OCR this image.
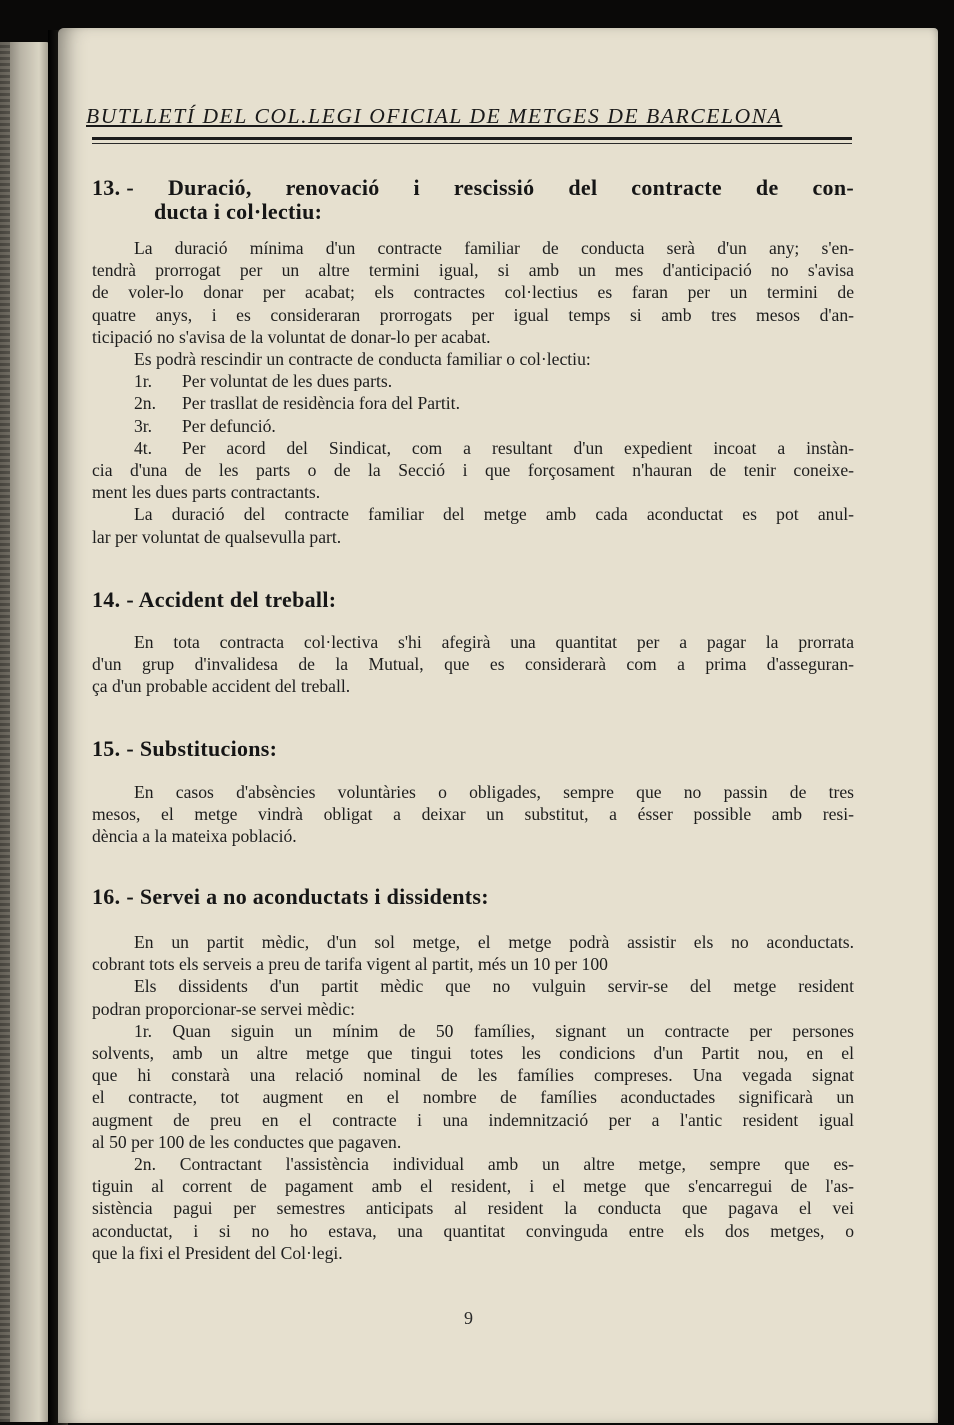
BUTLLETÍ DEL COL.LEGI OFICIAL DE METGES DE BARCELONA
13. - Duració, renovació i rescissió del contracte de con-
ducta i col·lectiu:
La duració mínima d'un contracte familiar de conducta serà d'un any; s'en-
tendrà prorrogat per un altre termini igual, si amb un mes d'anticipació no s'avisa
de voler-lo donar per acabat; els contractes col·lectius es faran per un termini de
quatre anys, i es consideraran prorrogats per igual temps si amb tres mesos d'an-
ticipació no s'avisa de la voluntat de donar-lo per acabat.
Es podrà rescindir un contracte de conducta familiar o col·lectiu:
1r. Per voluntat de les dues parts.
2n. Per trasllat de residència fora del Partit.
3r. Per defunció.
4t. Per acord del Sindicat, com a resultant d'un expedient incoat a instàn-
cia d'una de les parts o de la Secció i que forçosament n'hauran de tenir coneixe-
ment les dues parts contractants.
La duració del contracte familiar del metge amb cada aconductat es pot anul-
lar per voluntat de qualsevulla part.
14. - Accident del treball:
En tota contracta col·lectiva s'hi afegirà una quantitat per a pagar la prorrata
d'un grup d'invalidesa de la Mutual, que es considerarà com a prima d'asseguran-
ça d'un probable accident del treball.
15. - Substitucions:
En casos d'absències voluntàries o obligades, sempre que no passin de tres
mesos, el metge vindrà obligat a deixar un substitut, a ésser possible amb resi-
dència a la mateixa població.
16. - Servei a no aconductats i dissidents:
En un partit mèdic, d'un sol metge, el metge podrà assistir els no aconductats.
cobrant tots els serveis a preu de tarifa vigent al partit, més un 10 per 100
Els dissidents d'un partit mèdic que no vulguin servir-se del metge resident
podran proporcionar-se servei mèdic:
1r. Quan siguin un mínim de 50 famílies, signant un contracte per persones
solvents, amb un altre metge que tingui totes les condicions d'un Partit nou, en el
que hi constarà una relació nominal de les famílies compreses. Una vegada signat
el contracte, tot augment en el nombre de famílies aconductades significarà un
augment de preu en el contracte i una indemnització per a l'antic resident igual
al 50 per 100 de les conductes que pagaven.
2n. Contractant l'assistència individual amb un altre metge, sempre que es-
tiguin al corrent de pagament amb el resident, i el metge que s'encarregui de l'as-
sistència pagui per semestres anticipats al resident la conducta que pagava el vei
aconductat, i si no ho estava, una quantitat convinguda entre els dos metges, o
que la fixi el President del Col·legi.
9
